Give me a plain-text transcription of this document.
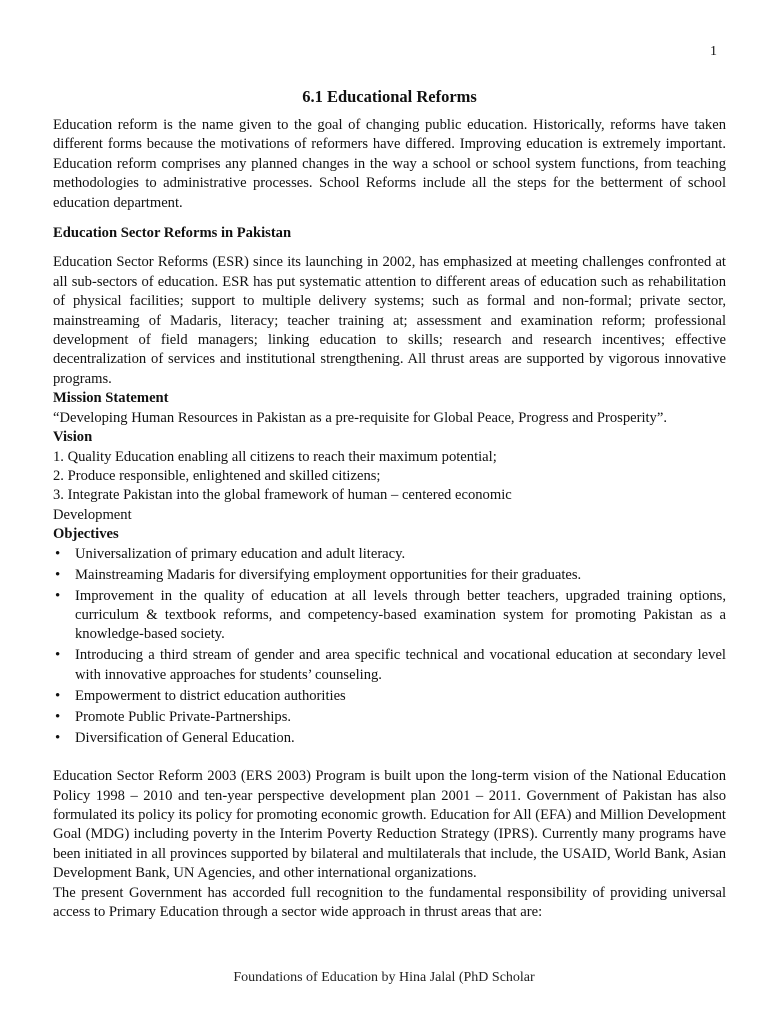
1
6.1 Educational Reforms

Education reform is the name given to the goal of changing public education. Historically, reforms have taken different forms because the motivations of reformers have differed. Improving education is extremely important. Education reform comprises any planned changes in the way a school or school system functions, from teaching methodologies to administrative processes. School Reforms include all the steps for the betterment of school education department.

Education Sector Reforms in Pakistan

Education Sector Reforms (ESR) since its launching in 2002, has emphasized at meeting challenges confronted at all sub-sectors of education. ESR has put systematic attention to different areas of education such as rehabilitation of physical facilities; support to multiple delivery systems; such as formal and non-formal; private sector, mainstreaming of Madaris, literacy; teacher training at; assessment and examination reform; professional development of field managers; linking education to skills; research and research incentives; effective decentralization of services and institutional strengthening. All thrust areas are supported by vigorous innovative programs.

Mission Statement

“Developing Human Resources in Pakistan as a pre-requisite for Global Peace, Progress and Prosperity”.

Vision
1. Quality Education enabling all citizens to reach their maximum potential;
2. Produce responsible, enlightened and skilled citizens;
3. Integrate Pakistan into the global framework of human – centered economic
Development
Objectives
• Universalization of primary education and adult literacy.
• Mainstreaming Madaris for diversifying employment opportunities for their graduates.
• Improvement in the quality of education at all levels through better teachers, upgraded training options, curriculum & textbook reforms, and competency-based examination system for promoting Pakistan as a knowledge-based society.
• Introducing a third stream of gender and area specific technical and vocational education at secondary level with innovative approaches for students’ counseling.
• Empowerment to district education authorities
• Promote Public Private-Partnerships.
• Diversification of General Education.

Education Sector Reform 2003 (ERS 2003) Program is built upon the long-term vision of the National Education Policy 1998 – 2010 and ten-year perspective development plan 2001 – 2011. Government of Pakistan has also formulated its policy its policy for promoting economic growth. Education for All (EFA) and Million Development Goal (MDG) including poverty in the Interim Poverty Reduction Strategy (IPRS). Currently many programs have been initiated in all provinces supported by bilateral and multilaterals that include, the USAID, World Bank, Asian Development Bank, UN Agencies, and other international organizations.

The present Government has accorded full recognition to the fundamental responsibility of providing universal access to Primary Education through a sector wide approach in thrust areas that are:

Foundations of Education by Hina Jalal (PhD Scholar
